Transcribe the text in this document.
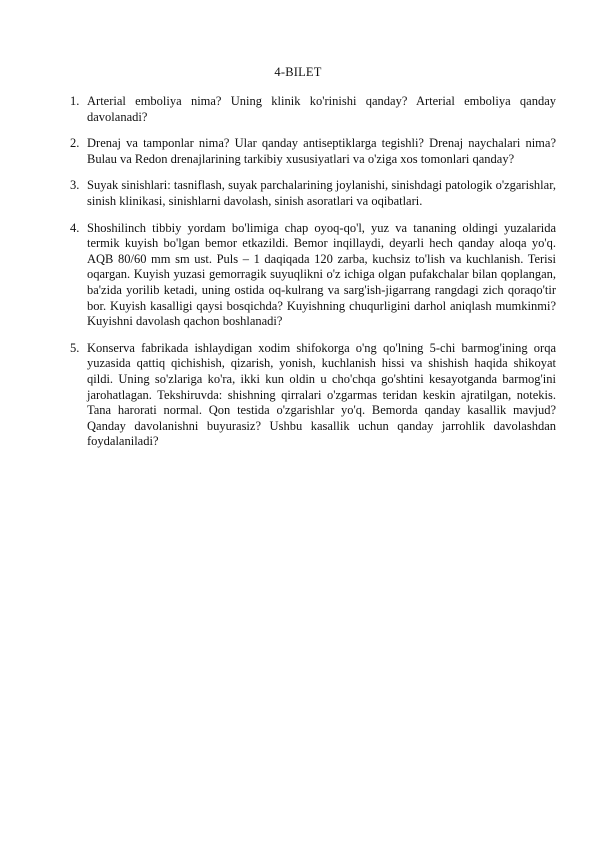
4-BILET
1. Arterial emboliya nima? Uning klinik ko'rinishi qanday? Arterial emboliya qanday davolanadi?
2. Drenaj va tamponlar nima? Ular qanday antiseptiklarga tegishli? Drenaj naychalari nima? Bulau va Redon drenajlarining tarkibiy xususiyatlari va o'ziga xos tomonlari qanday?
3. Suyak sinishlari: tasniflash, suyak parchalarining joylanishi, sinishdagi patologik o'zgarishlar, sinish klinikasi, sinishlarni davolash, sinish asoratlari va oqibatlari.
4. Shoshilinch tibbiy yordam bo'limiga chap oyoq-qo'l, yuz va tananing oldingi yuzalarida termik kuyish bo'lgan bemor etkazildi. Bemor inqillaydi, deyarli hech qanday aloqa yo'q. AQB 80/60 mm sm ust. Puls – 1 daqiqada 120 zarba, kuchsiz to'lish va kuchlanish. Terisi oqargan. Kuyish yuzasi gemorragik suyuqlikni o'z ichiga olgan pufakchalar bilan qoplangan, ba'zida yorilib ketadi, uning ostida oq-kulrang va sarg'ish-jigarrang rangdagi zich qoraqo'tir bor. Kuyish kasalligi qaysi bosqichda? Kuyishning chuqurligini darhol aniqlash mumkinmi? Kuyishni davolash qachon boshlanadi?
5. Konserva fabrikada ishlaydigan xodim shifokorga o'ng qo'lning 5-chi barmog'ining orqa yuzasida qattiq qichishish, qizarish, yonish, kuchlanish hissi va shishish haqida shikoyat qildi. Uning so'zlariga ko'ra, ikki kun oldin u cho'chqa go'shtini kesayotganda barmog'ini jarohatlagan. Tekshiruvda: shishning qirralari o'zgarmas teridan keskin ajratilgan, notekis. Tana harorati normal. Qon testida o'zgarishlar yo'q. Bemorda qanday kasallik mavjud? Qanday davolanishni buyurasiz? Ushbu kasallik uchun qanday jarrohlik davolashdan foydalaniladi?
